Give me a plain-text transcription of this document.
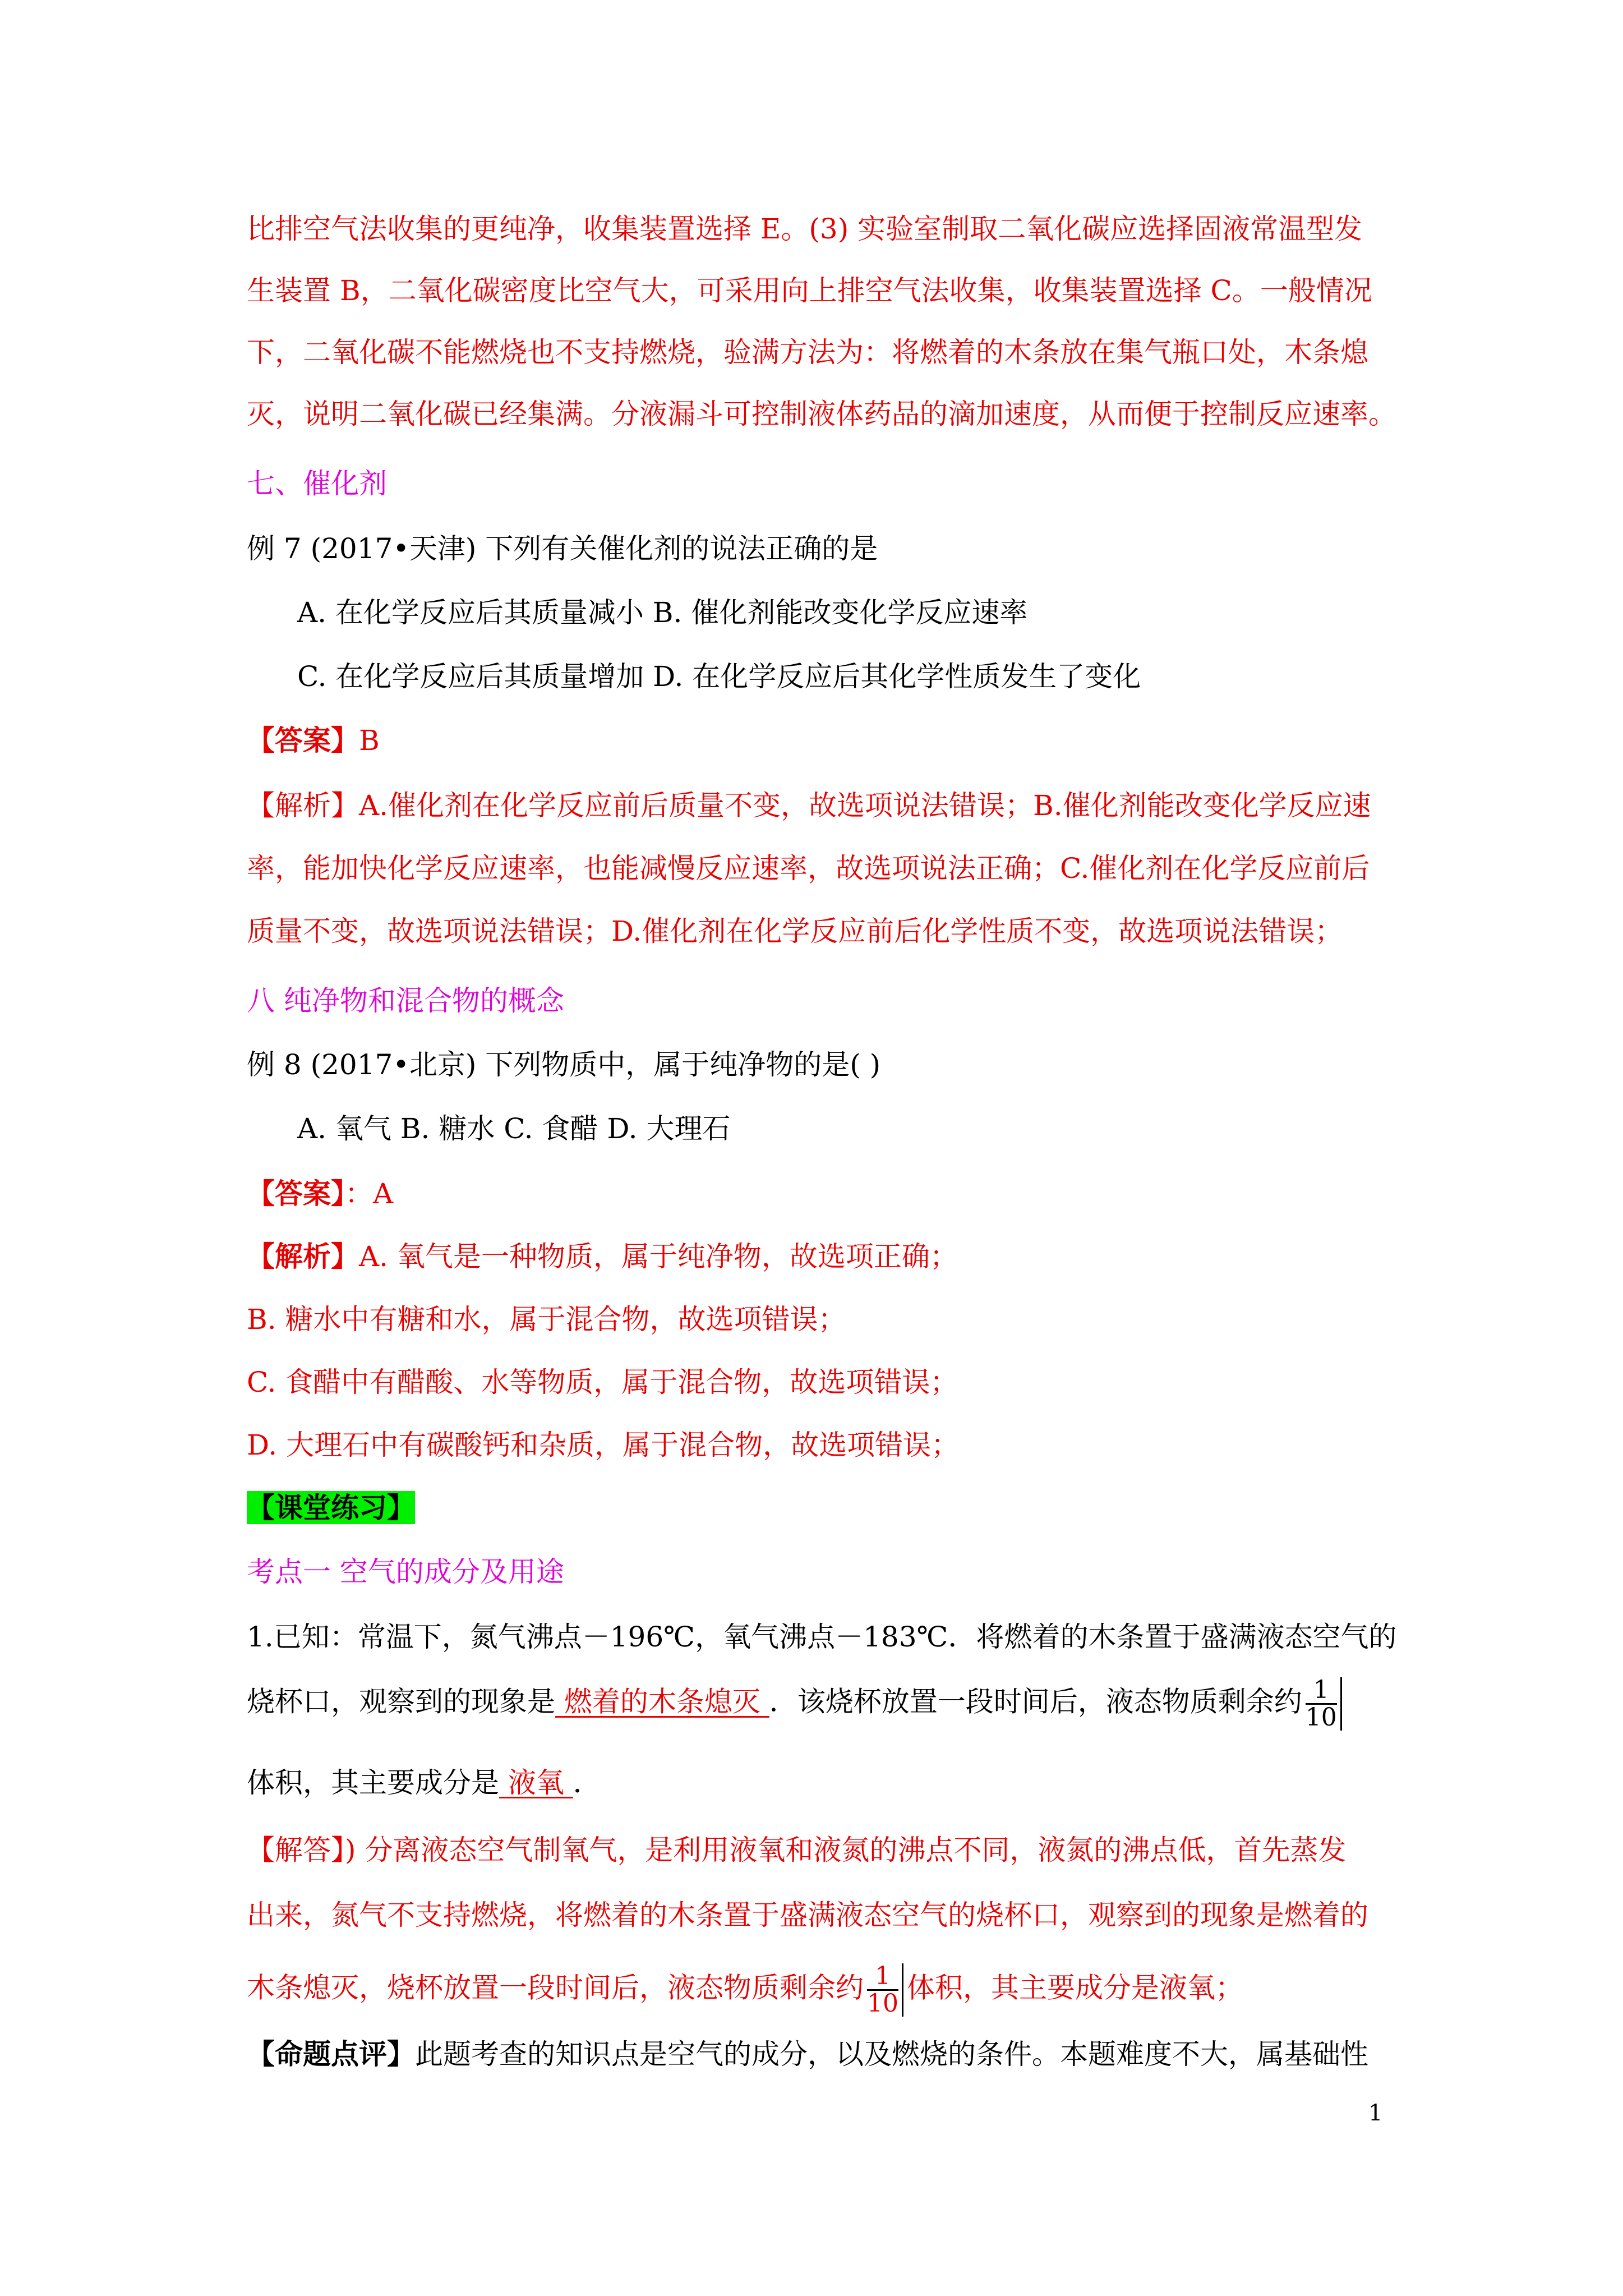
比排空气法收集的更纯净，收集装置选择 E。(3) 实验室制取二氧化碳应选择固液常温型发
生装置 B，二氧化碳密度比空气大，可采用向上排空气法收集，收集装置选择 C。一般情况
下，二氧化碳不能燃烧也不支持燃烧，验满方法为：将燃着的木条放在集气瓶口处，木条熄
灭，说明二氧化碳已经集满。分液漏斗可控制液体药品的滴加速度，从而便于控制反应速率。
七、催化剂
例 7 (2017•天津) 下列有关催化剂的说法正确的是
A. 在化学反应后其质量减小 B. 催化剂能改变化学反应速率
C. 在化学反应后其质量增加 D. 在化学反应后其化学性质发生了变化
【答案】B
【解析】A.催化剂在化学反应前后质量不变，故选项说法错误；B.催化剂能改变化学反应速
率，能加快化学反应速率，也能减慢反应速率，故选项说法正确；C.催化剂在化学反应前后
质量不变，故选项说法错误；D.催化剂在化学反应前后化学性质不变，故选项说法错误；
八 纯净物和混合物的概念
例 8 (2017•北京) 下列物质中，属于纯净物的是( )
A. 氧气 B. 糖水 C. 食醋 D. 大理石
【答案】：A
【解析】A. 氧气是一种物质，属于纯净物，故选项正确；
B. 糖水中有糖和水，属于混合物，故选项错误；
C. 食醋中有醋酸、水等物质，属于混合物，故选项错误；
D. 大理石中有碳酸钙和杂质，属于混合物，故选项错误；
【课堂练习】
考点一 空气的成分及用途
1.已知：常温下，氮气沸点－196℃，氧气沸点－183℃．将燃着的木条置于盛满液态空气的
烧杯口，观察到的现象是 燃着的木条熄灭 ．该烧杯放置一段时间后，液态物质剩余约 $\frac{1}{10}$
体积，其主要成分是 液氧 ．
【解答】) 分离液态空气制氧气，是利用液氧和液氮的沸点不同，液氮的沸点低，首先蒸发
出来，氮气不支持燃烧，将燃着的木条置于盛满液态空气的烧杯口，观察到的现象是燃着的
木条熄灭，烧杯放置一段时间后，液态物质剩余约 $\frac{1}{10}$ 体积，其主要成分是液氧；
【命题点评】此题考查的知识点是空气的成分，以及燃烧的条件。本题难度不大，属基础性
1
